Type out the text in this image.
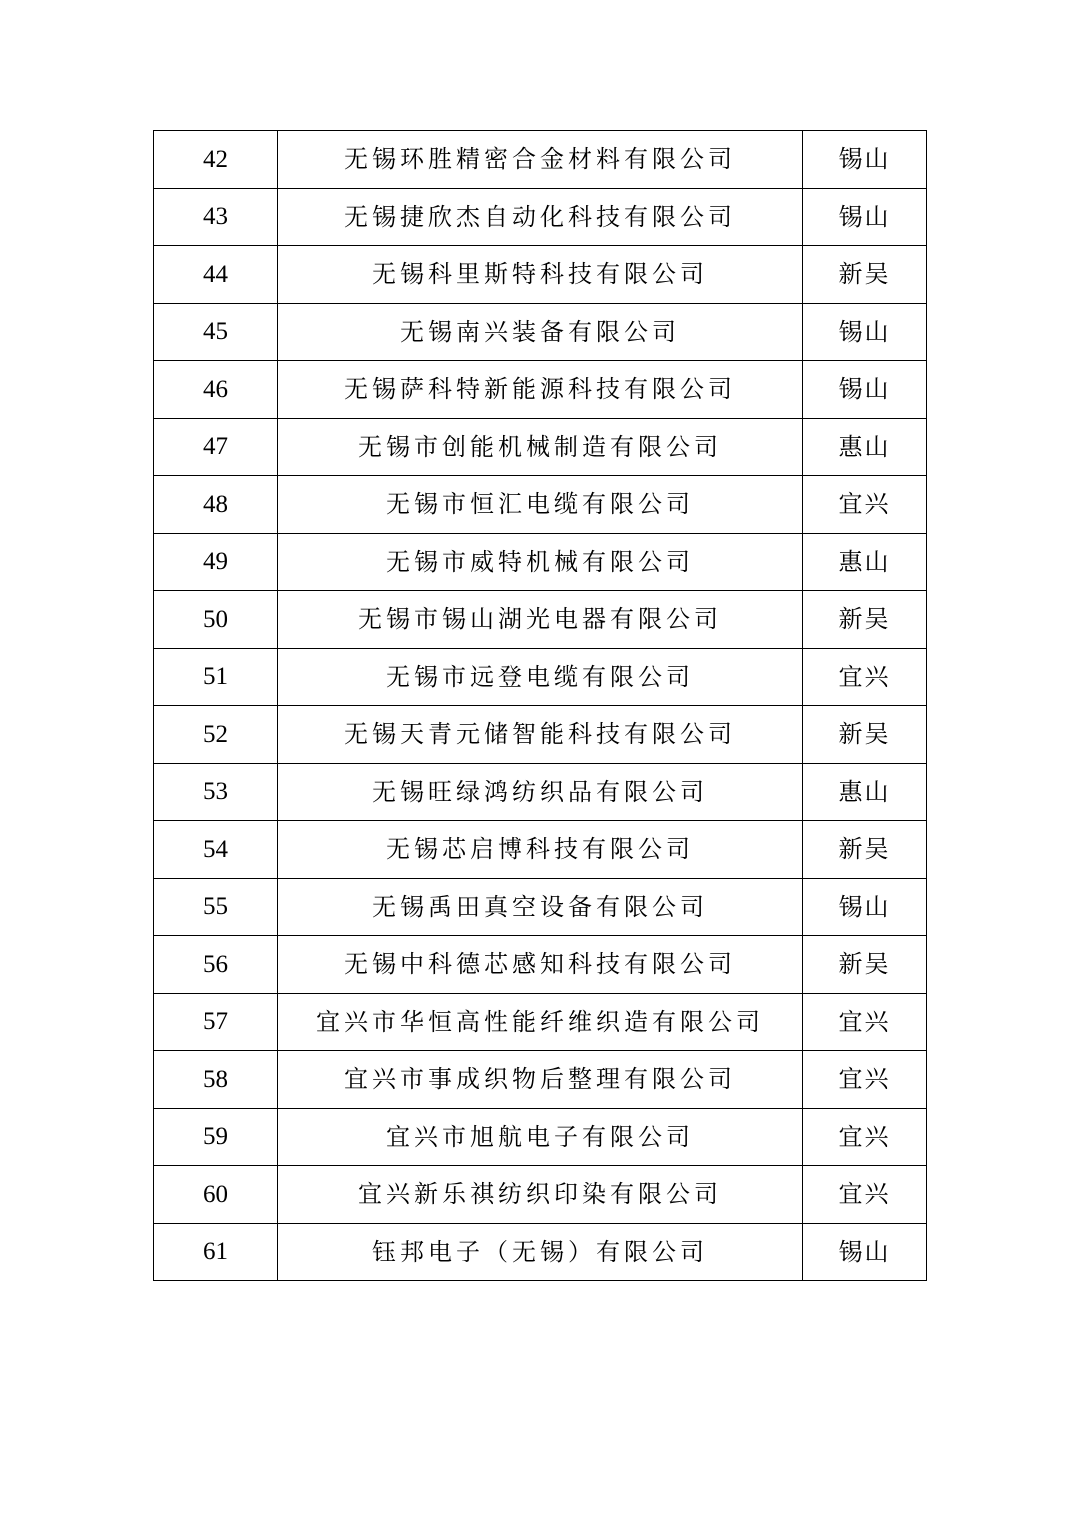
42	无锡环胜精密合金材料有限公司	锡山
43	无锡捷欣杰自动化科技有限公司	锡山
44	无锡科里斯特科技有限公司	新吴
45	无锡南兴装备有限公司	锡山
46	无锡萨科特新能源科技有限公司	锡山
47	无锡市创能机械制造有限公司	惠山
48	无锡市恒汇电缆有限公司	宜兴
49	无锡市威特机械有限公司	惠山
50	无锡市锡山湖光电器有限公司	新吴
51	无锡市远登电缆有限公司	宜兴
52	无锡天青元储智能科技有限公司	新吴
53	无锡旺绿鸿纺织品有限公司	惠山
54	无锡芯启博科技有限公司	新吴
55	无锡禹田真空设备有限公司	锡山
56	无锡中科德芯感知科技有限公司	新吴
57	宜兴市华恒高性能纤维织造有限公司	宜兴
58	宜兴市事成织物后整理有限公司	宜兴
59	宜兴市旭航电子有限公司	宜兴
60	宜兴新乐祺纺织印染有限公司	宜兴
61	钰邦电子（无锡）有限公司	锡山
